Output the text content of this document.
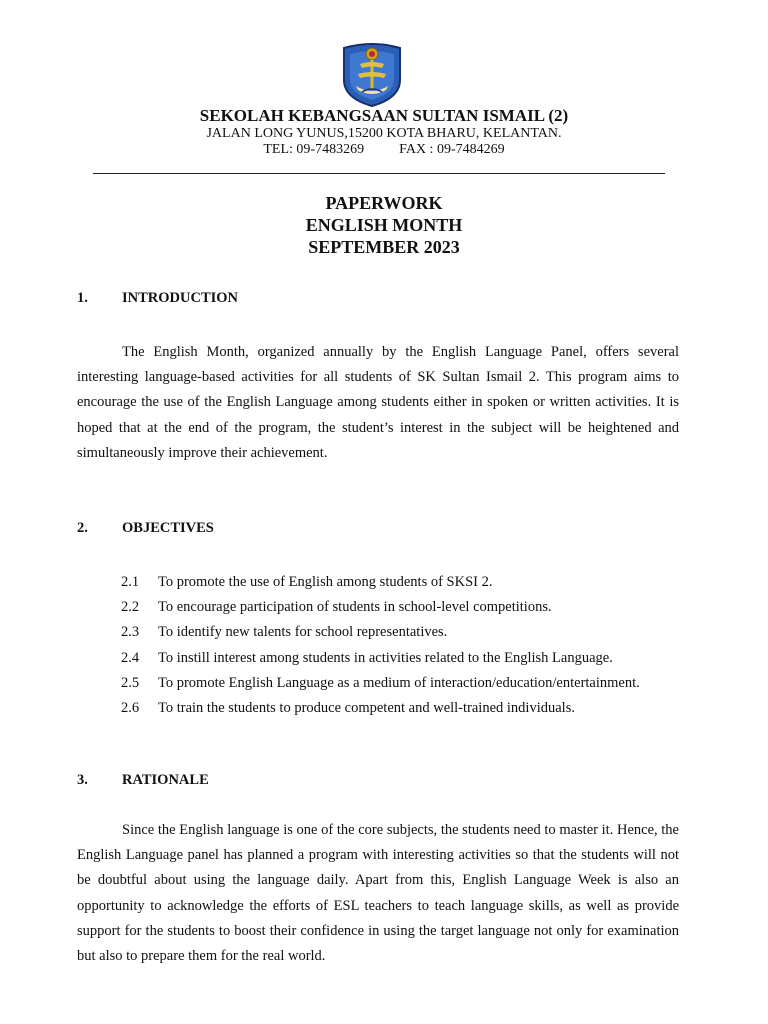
SEKOLAH KEBANGSAAN SULTAN ISMAIL (2)
JALAN LONG YUNUS,15200 KOTA BHARU, KELANTAN.
TEL: 09-7483269	FAX : 09-7484269
PAPERWORK
ENGLISH MONTH
SEPTEMBER 2023
1. INTRODUCTION

The English Month, organized annually by the English Language Panel, offers several interesting language-based activities for all students of SK Sultan Ismail 2. This program aims to encourage the use of the English Language among students either in spoken or written activities. It is hoped that at the end of the program, the student’s interest in the subject will be heightened and simultaneously improve their achievement.

2. OBJECTIVES
2.1 To promote the use of English among students of SKSI 2.
2.2 To encourage participation of students in school-level competitions.
2.3 To identify new talents for school representatives.
2.4 To instill interest among students in activities related to the English Language.
2.5 To promote English Language as a medium of interaction/education/entertainment.
2.6 To train the students to produce competent and well-trained individuals.
3. RATIONALE

Since the English language is one of the core subjects, the students need to master it. Hence, the English Language panel has planned a program with interesting activities so that the students will not be doubtful about using the language daily. Apart from this, English Language Week is also an opportunity to acknowledge the efforts of ESL teachers to teach language skills, as well as provide support for the students to boost their confidence in using the target language not only for examination but also to prepare them for the real world.
